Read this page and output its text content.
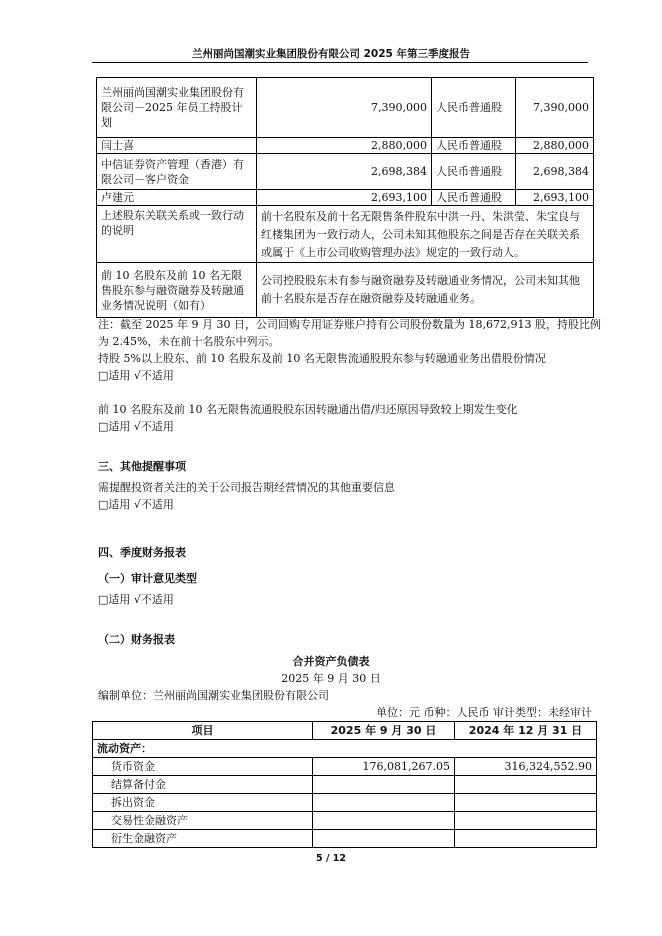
兰州丽尚国潮实业集团股份有限公司 2025 年第三季度报告
兰州丽尚国潮实业集团股份有限公司－2025 年员工持股计划	7,390,000	人民币普通股	7,390,000
闫士喜	2,880,000	人民币普通股	2,880,000
中信证券资产管理（香港）有限公司－客户资金	2,698,384	人民币普通股	2,698,384
卢建元	2,693,100	人民币普通股	2,693,100
上述股东关联关系或一致行动的说明	前十名股东及前十名无限售条件股东中洪一丹、朱洪莹、朱宝良与红楼集团为一致行动人，公司未知其他股东之间是否存在关联关系或属于《上市公司收购管理办法》规定的一致行动人。		
前 10 名股东及前 10 名无限售股东参与融资融券及转融通业务情况说明（如有）	公司控股股东未有参与融资融券及转融通业务情况，公司未知其他前十名股东是否存在融资融券及转融通业务。		
注：截至 2025 年 9 月 30 日，公司回购专用证券账户持有公司股份数量为 18,672,913 股，持股比例
为 2.45%，未在前十名股东中列示。
持股 5%以上股东、前 10 名股东及前 10 名无限售流通股股东参与转融通业务出借股份情况
□适用 √不适用
前 10 名股东及前 10 名无限售流通股股东因转融通出借/归还原因导致较上期发生变化
□适用 √不适用
三、其他提醒事项
需提醒投资者关注的关于公司报告期经营情况的其他重要信息
□适用 √不适用
四、季度财务报表
（一）审计意见类型
□适用 √不适用
（二）财务报表
合并资产负债表
2025 年 9 月 30 日
编制单位：兰州丽尚国潮实业集团股份有限公司
单位：元 币种：人民币 审计类型：未经审计
项目	2025 年 9 月 30 日	2024 年 12 月 31 日
流动资产：		
货币资金	176,081,267.05	316,324,552.90
结算备付金		
拆出资金		
交易性金融资产		
衍生金融资产		
5 / 12
